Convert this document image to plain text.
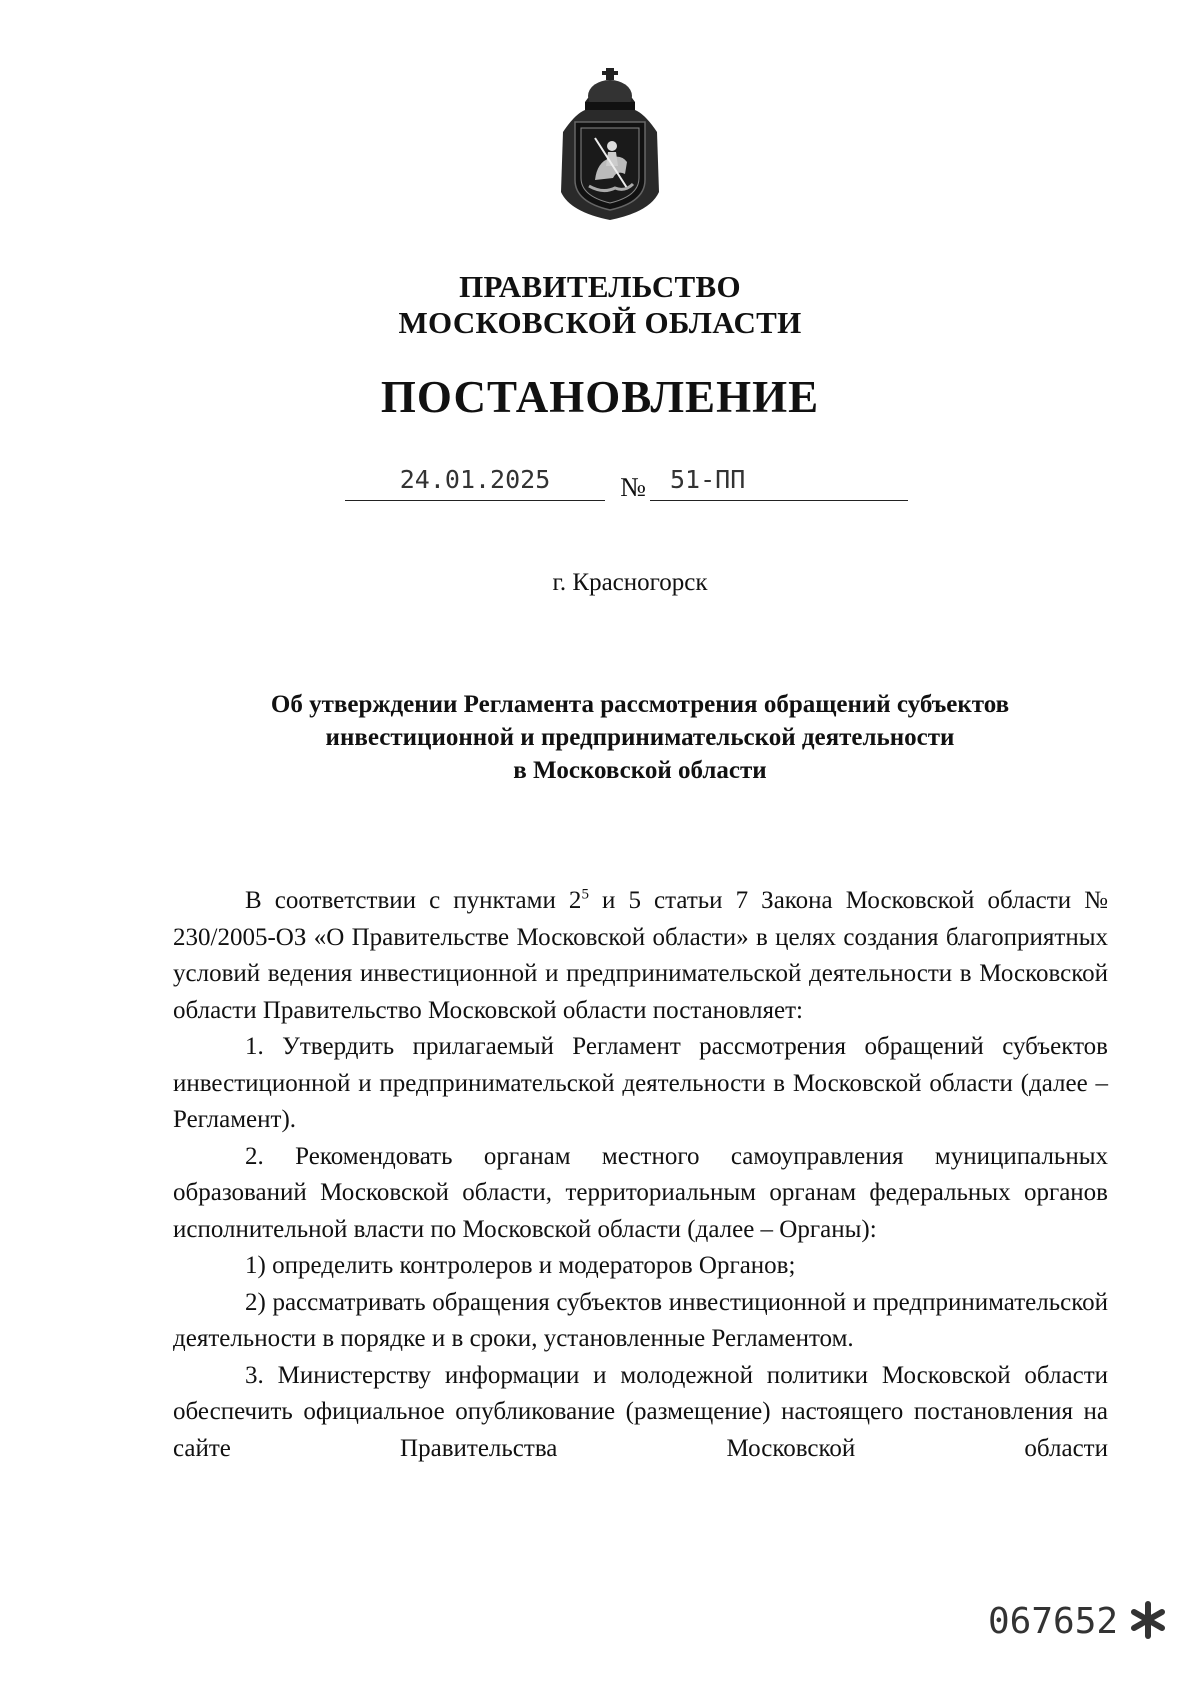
ПРАВИТЕЛЬСТВО
МОСКОВСКОЙ ОБЛАСТИ
ПОСТАНОВЛЕНИЕ
24.01.2025	№ 51-ПП
г. Красногорск
Об утверждении Регламента рассмотрения обращений субъектов
инвестиционной и предпринимательской деятельности
в Московской области

В соответствии с пунктами $2^5$ и 5 статьи 7 Закона Московской области № 230/2005-ОЗ «О Правительстве Московской области» в целях создания благоприятных условий ведения инвестиционной и предпринимательской деятельности в Московской области Правительство Московской области постановляет:

1. Утвердить прилагаемый Регламент рассмотрения обращений субъектов инвестиционной и предпринимательской деятельности в Московской области (далее – Регламент).

2. Рекомендовать органам местного самоуправления муниципальных образований Московской области, территориальным органам федеральных органов исполнительной власти по Московской области (далее – Органы):

1) определить контролеров и модераторов Органов;

2) рассматривать обращения субъектов инвестиционной и предпринимательской деятельности в порядке и в сроки, установленные Регламентом.

3. Министерству информации и молодежной политики Московской области обеспечить официальное опубликование (размещение) настоящего постановления на сайте Правительства Московской области

067652
